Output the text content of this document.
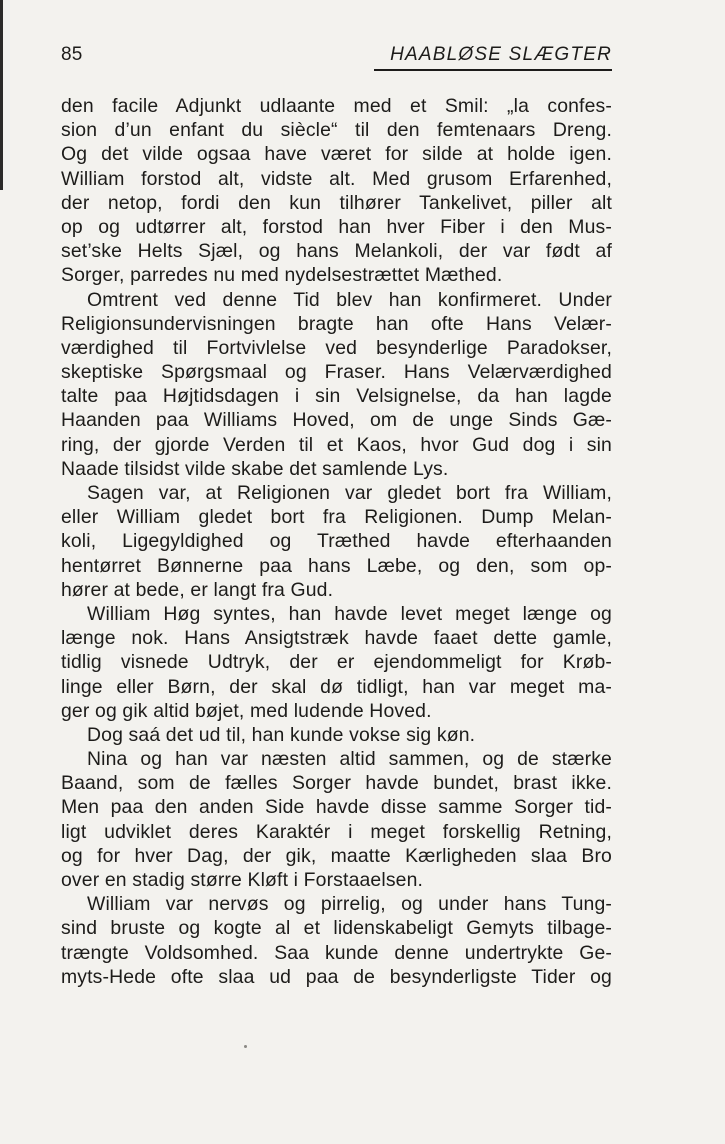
85	HAABLØSE SLÆGTER
den facile Adjunkt udlaante med et Smil: „la confes-
sion d’un enfant du siècle“ til den femtenaars Dreng.
Og det vilde ogsaa have været for silde at holde igen.
William forstod alt, vidste alt. Med grusom Erfarenhed,
der netop, fordi den kun tilhører Tankelivet, piller alt
op og udtørrer alt, forstod han hver Fiber i den Mus-
set’ske Helts Sjæl, og hans Melankoli, der var født af
Sorger, parredes nu med nydelsestrættet Mæthed.
Omtrent ved denne Tid blev han konfirmeret. Under
Religionsundervisningen bragte han ofte Hans Velær-
værdighed til Fortvivlelse ved besynderlige Paradokser,
skeptiske Spørgsmaal og Fraser. Hans Velærværdighed
talte paa Højtidsdagen i sin Velsignelse, da han lagde
Haanden paa Williams Hoved, om de unge Sinds Gæ-
ring, der gjorde Verden til et Kaos, hvor Gud dog i sin
Naade tilsidst vilde skabe det samlende Lys.
Sagen var, at Religionen var gledet bort fra William,
eller William gledet bort fra Religionen. Dump Melan-
koli, Ligegyldighed og Træthed havde efterhaanden
hentørret Bønnerne paa hans Læbe, og den, som op-
hører at bede, er langt fra Gud.
William Høg syntes, han havde levet meget længe og
længe nok. Hans Ansigtstræk havde faaet dette gamle,
tidlig visnede Udtryk, der er ejendommeligt for Krøb-
linge eller Børn, der skal dø tidligt, han var meget ma-
ger og gik altid bøjet, med ludende Hoved.
Dog saá det ud til, han kunde vokse sig køn.
Nina og han var næsten altid sammen, og de stærke
Baand, som de fælles Sorger havde bundet, brast ikke.
Men paa den anden Side havde disse samme Sorger tid-
ligt udviklet deres Karaktér i meget forskellig Retning,
og for hver Dag, der gik, maatte Kærligheden slaa Bro
over en stadig større Kløft i Forstaaelsen.
William var nervøs og pirrelig, og under hans Tung-
sind bruste og kogte al et lidenskabeligt Gemyts tilbage-
trængte Voldsomhed. Saa kunde denne undertrykte Ge-
myts-Hede ofte slaa ud paa de besynderligste Tider og
